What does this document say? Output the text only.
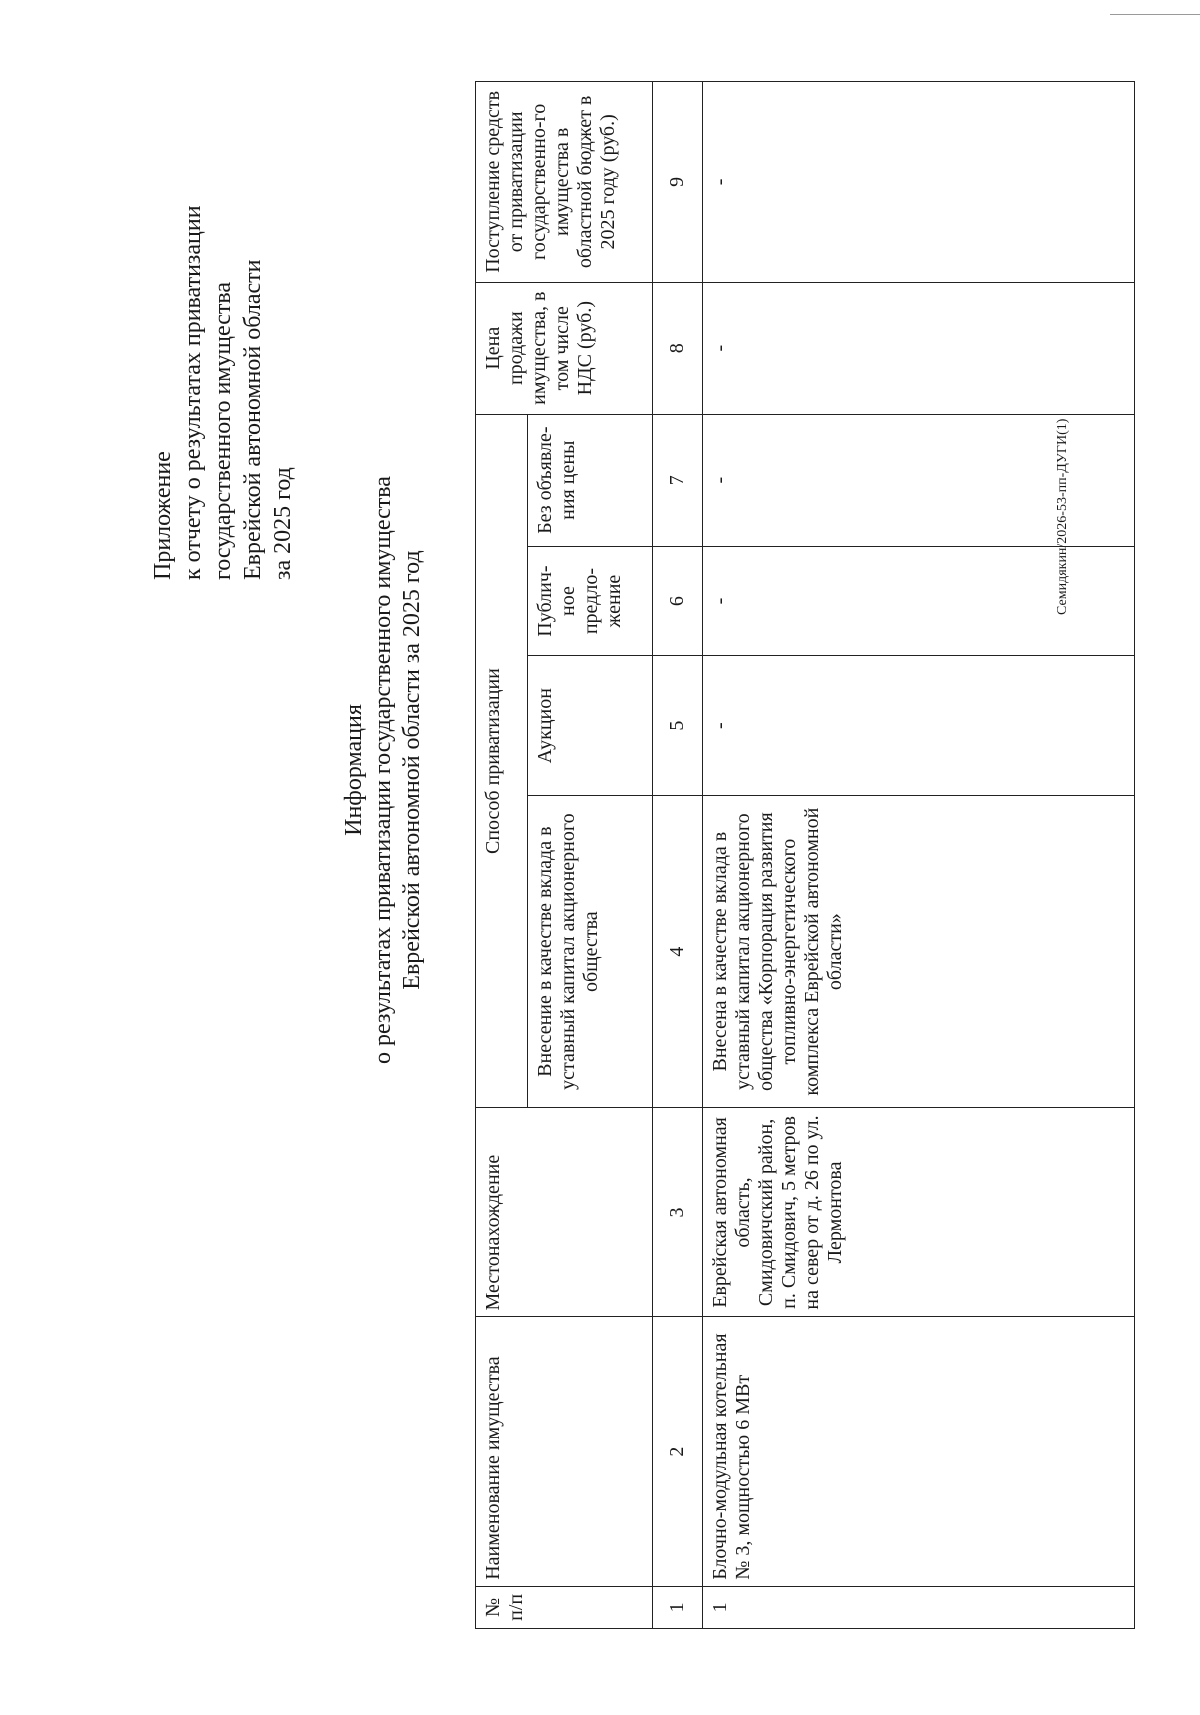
Приложение к отчету о результатах приватизации государственного имущества Еврейской автономной области за 2025 год
Информация о результатах приватизации государственного имущества Еврейской автономной области за 2025 год
№ п/п	Наименование имущества	Местонахождение	Способ приватизации				Цена продажи имущества, в том числе НДС (руб.)	Поступление средств от приватизации государственно-го имущества в областной бюджет в 2025 году (руб.)
			Внесение в качестве вклада в уставный капитал акционерного общества	Аукцион	Публич-ное предло-жение	Без объявле-ния цены		
1	2	3	4	5	6	7	8	9
1	Блочно-модульная котельная № 3, мощностью 6 МВт	Еврейская автономная область, Смидовичский район, п. Смидович, 5 метров на север от д. 26 по ул. Лермонтова	Внесена в качестве вклада в уставный капитал акционерного общества «Корпорация развития топливно-энергетического комплекса Еврейской автономной области»	-	-	-	-	-
Семидякин/2026-53-пп-ДУГИ(1)
